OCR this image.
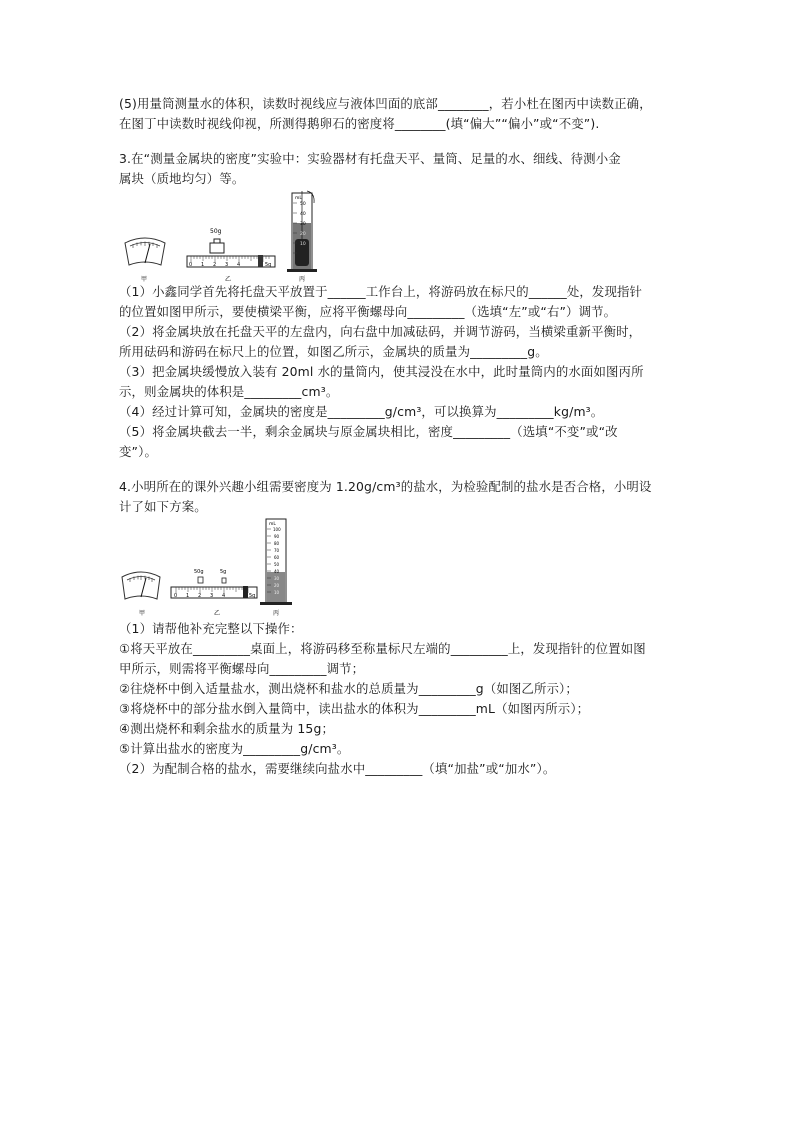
(5)用量筒测量水的体积，读数时视线应与液体凹面的底部________，若小杜在图丙中读数正确，
在图丁中读数时视线仰视，所测得鹅卵石的密度将________(填“偏大”“偏小”或“不变”).
3.在“测量金属块的密度”实验中：实验器材有托盘天平、量筒、足量的水、细线、待测小金
属块（质地均匀）等。
甲
50g
0 1 2 3 4	5g
乙
mL
50
40
30
20
10
丙
（1）小鑫同学首先将托盘天平放置于______工作台上，将游码放在标尺的______处，发现指针
的位置如图甲所示，要使横梁平衡，应将平衡螺母向_________（选填“左”或“右”）调节。
（2）将金属块放在托盘天平的左盘内，向右盘中加减砝码，并调节游码，当横梁重新平衡时，
所用砝码和游码在标尺上的位置，如图乙所示，金属块的质量为_________g。
（3）把金属块缓慢放入装有 20ml 水的量筒内，使其浸没在水中，此时量筒内的水面如图丙所
示，则金属块的体积是_________cm³。
（4）经过计算可知，金属块的密度是_________g/cm³，可以换算为_________kg/m³。
（5）将金属块截去一半，剩余金属块与原金属块相比，密度_________（选填“不变”或“改
变”）。
4.小明所在的课外兴趣小组需要密度为 1.20g/cm³的盐水，为检验配制的盐水是否合格，小明设
计了如下方案。
甲
50g	5g
0 1 2 3 4	5g
乙
mL
100
90
80
70
60
50
40
30
20
10
丙
（1）请帮他补充完整以下操作：
①将天平放在_________桌面上，将游码移至称量标尺左端的_________上，发现指针的位置如图
甲所示，则需将平衡螺母向_________调节；
②往烧杯中倒入适量盐水，测出烧杯和盐水的总质量为_________g（如图乙所示）；
③将烧杯中的部分盐水倒入量筒中，读出盐水的体积为_________mL（如图丙所示）；
④测出烧杯和剩余盐水的质量为 15g；
⑤计算出盐水的密度为_________g/cm³。
（2）为配制合格的盐水，需要继续向盐水中_________（填“加盐”或“加水”）。
